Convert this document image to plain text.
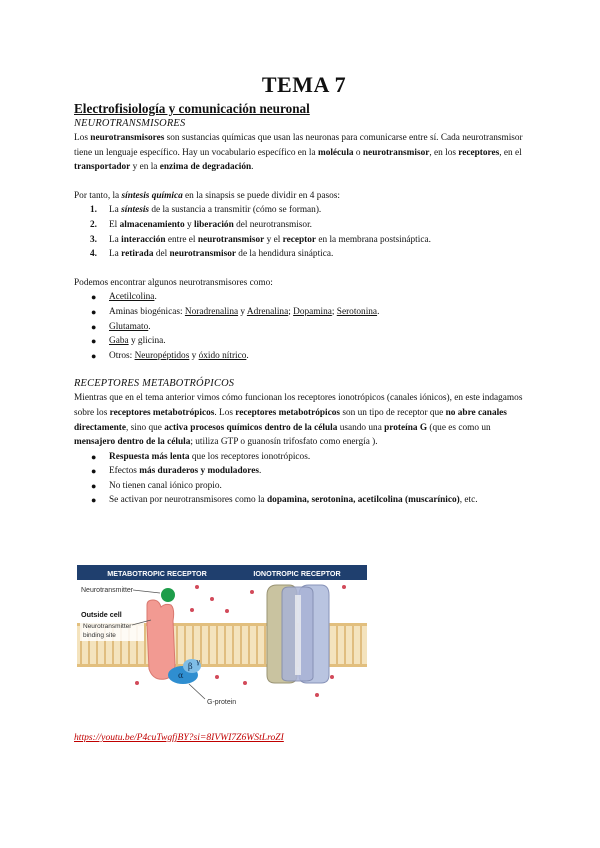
TEMA 7
Electrofisiología y comunicación neuronal
NEUROTRANSMISORES

Los neurotransmisores son sustancias químicas que usan las neuronas para comunicarse entre sí. Cada neurotransmisor tiene un lenguaje específico. Hay un vocabulario específico en la molécula o neurotransmisor, en los receptores, en el transportador y en la enzima de degradación.

Por tanto, la síntesis química en la sinapsis se puede dividir en 4 pasos:

1. La síntesis de la sustancia a transmitir (cómo se forman).
2. El almacenamiento y liberación del neurotransmisor.
3. La interacción entre el neurotransmisor y el receptor en la membrana postsináptica.
4. La retirada del neurotransmisor de la hendidura sináptica.

Podemos encontrar algunos neurotransmisores como:

● Acetilcolina.
● Aminas biogénicas: Noradrenalina y Adrenalina; Dopamina; Serotonina.
● Glutamato.
● Gaba y glicina.
● Otros: Neuropéptidos y óxido nítrico.
RECEPTORES METABOTRÓPICOS

Mientras que en el tema anterior vimos cómo funcionan los receptores ionotrópicos (canales iónicos), en este indagamos sobre los receptores metabotrópicos. Los receptores metabotrópicos son un tipo de receptor que no abre canales directamente, sino que activa procesos químicos dentro de la célula usando una proteína G (que es como un mensajero dentro de la célula; utiliza GTP o guanosín trifosfato como energía ).

● Respuesta más lenta que los receptores ionotrópicos.
● Efectos más duraderos y moduladores.
● No tienen canal iónico propio.
● Se activan por neurotransmisores como la dopamina, serotonina, acetilcolina (muscarínico), etc.
METABOTROPIC RECEPTOR	IONOTROPIC RECEPTOR
α
β γ
G-protein
Neurotransmitter
Outside cell
Neurotransmitter
binding site
https://youtu.be/P4cuTwgfjBY?si=8IVWI7Z6WStLroZI
